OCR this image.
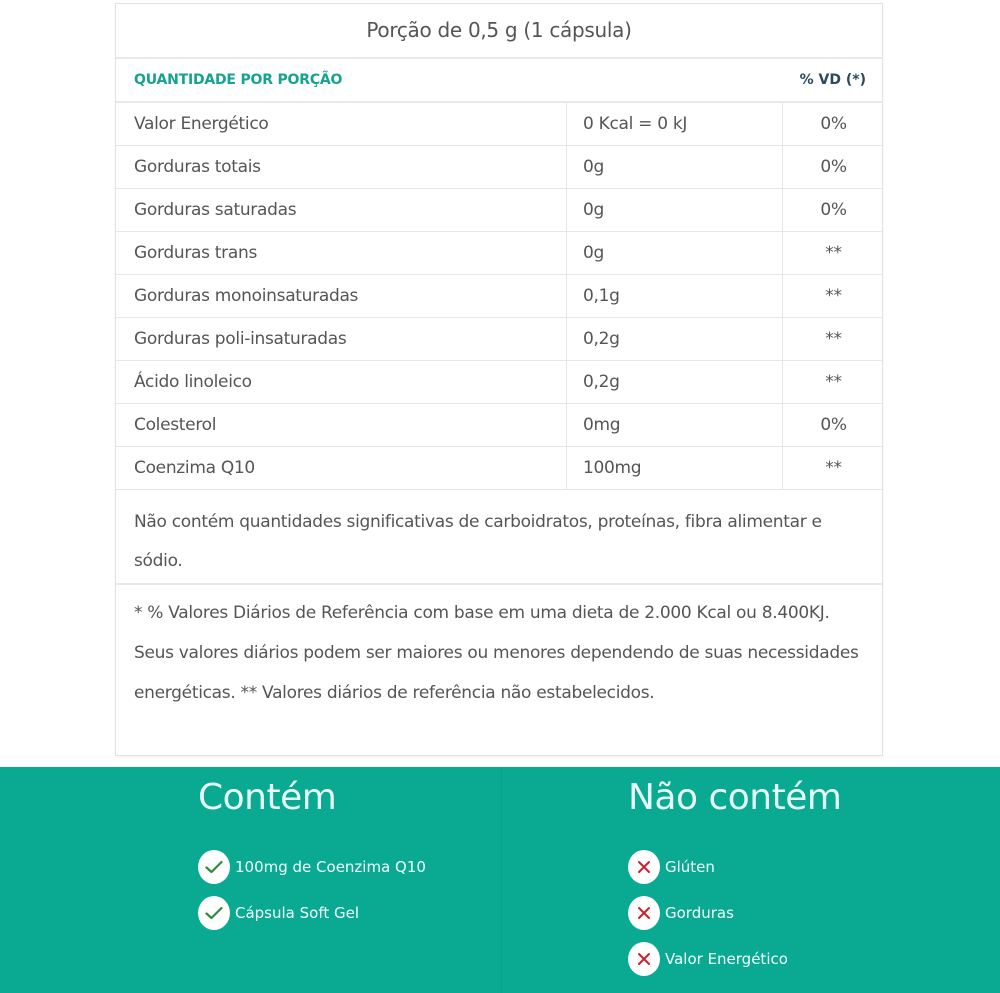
Porção de 0,5 g (1 cápsula)
QUANTIDADE POR PORÇÃO	% VD (*)
Valor Energético	0 Kcal = 0 kJ	0%
Gorduras totais	0g	0%
Gorduras saturadas	0g	0%
Gorduras trans	0g	**
Gorduras monoinsaturadas	0,1g	**
Gorduras poli-insaturadas	0,2g	**
Ácido linoleico	0,2g	**
Colesterol	0mg	0%
Coenzima Q10	100mg	**
Não contém quantidades significativas de carboidratos, proteínas, fibra alimentar e sódio.
* % Valores Diários de Referência com base em uma dieta de 2.000 Kcal ou 8.400KJ. Seus valores diários podem ser maiores ou menores dependendo de suas necessidades energéticas. ** Valores diários de referência não estabelecidos.
Contém
100mg de Coenzima Q10
Cápsula Soft Gel
Não contém
Glúten
Gorduras
Valor Energético
